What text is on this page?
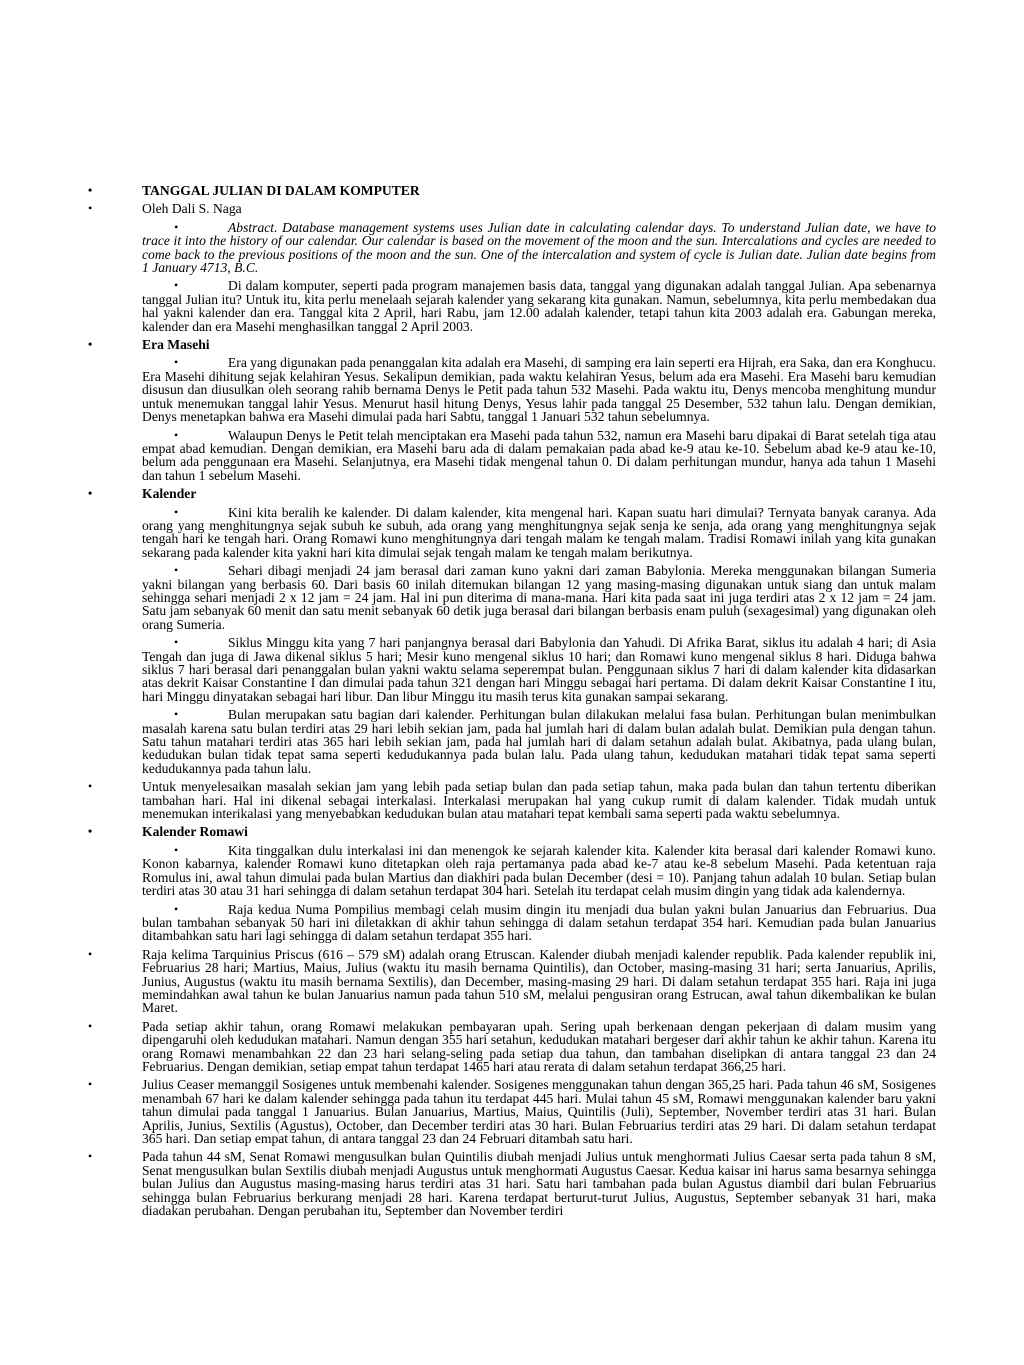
• TANGGAL JULIAN DI DALAM KOMPUTER

• Oleh Dali S. Naga

• Abstract. Database management systems uses Julian date in calculating calendar days. To understand Julian date, we have to trace it into the history of our calendar. Our calendar is based on the movement of the moon and the sun. Intercalations and cycles are needed to come back to the previous positions of the moon and the sun. One of the intercalation and system of cycle is Julian date. Julian date begins from 1 January 4713, B.C.

• Di dalam komputer, seperti pada program manajemen basis data, tanggal yang digunakan adalah tanggal Julian. Apa sebenarnya tanggal Julian itu? Untuk itu, kita perlu menelaah sejarah kalender yang sekarang kita gunakan. Namun, sebelumnya, kita perlu membedakan dua hal yakni kalender dan era. Tanggal kita 2 April, hari Rabu, jam 12.00 adalah kalender, tetapi tahun kita 2003 adalah era. Gabungan mereka, kalender dan era Masehi menghasilkan tanggal 2 April 2003.

• Era Masehi

• Era yang digunakan pada penanggalan kita adalah era Masehi, di samping era lain seperti era Hijrah, era Saka, dan era Konghucu. Era Masehi dihitung sejak kelahiran Yesus. Sekalipun demikian, pada waktu kelahiran Yesus, belum ada era Masehi. Era Masehi baru kemudian disusun dan diusulkan oleh seorang rahib bernama Denys le Petit pada tahun 532 Masehi. Pada waktu itu, Denys mencoba menghitung mundur untuk menemukan tanggal lahir Yesus. Menurut hasil hitung Denys, Yesus lahir pada tanggal 25 Desember, 532 tahun lalu. Dengan demikian, Denys menetapkan bahwa era Masehi dimulai pada hari Sabtu, tanggal 1 Januari 532 tahun sebelumnya.

• Walaupun Denys le Petit telah menciptakan era Masehi pada tahun 532, namun era Masehi baru dipakai di Barat setelah tiga atau empat abad kemudian. Dengan demikian, era Masehi baru ada di dalam pemakaian pada abad ke-9 atau ke-10. Sebelum abad ke-9 atau ke-10, belum ada penggunaan era Masehi. Selanjutnya, era Masehi tidak mengenal tahun 0. Di dalam perhitungan mundur, hanya ada tahun 1 Masehi dan tahun 1 sebelum Masehi.

• Kalender

• Kini kita beralih ke kalender. Di dalam kalender, kita mengenal hari. Kapan suatu hari dimulai? Ternyata banyak caranya. Ada orang yang menghitungnya sejak subuh ke subuh, ada orang yang menghitungnya sejak senja ke senja, ada orang yang menghitungnya sejak tengah hari ke tengah hari. Orang Romawi kuno menghitungnya dari tengah malam ke tengah malam. Tradisi Romawi inilah yang kita gunakan sekarang pada kalender kita yakni hari kita dimulai sejak tengah malam ke tengah malam berikutnya.

• Sehari dibagi menjadi 24 jam berasal dari zaman kuno yakni dari zaman Babylonia. Mereka menggunakan bilangan Sumeria yakni bilangan yang berbasis 60. Dari basis 60 inilah ditemukan bilangan 12 yang masing-masing digunakan untuk siang dan untuk malam sehingga sehari menjadi 2 x 12 jam = 24 jam. Hal ini pun diterima di mana-mana. Hari kita pada saat ini juga terdiri atas 2 x 12 jam = 24 jam. Satu jam sebanyak 60 menit dan satu menit sebanyak 60 detik juga berasal dari bilangan berbasis enam puluh (sexagesimal) yang digunakan oleh orang Sumeria.

• Siklus Minggu kita yang 7 hari panjangnya berasal dari Babylonia dan Yahudi. Di Afrika Barat, siklus itu adalah 4 hari; di Asia Tengah dan juga di Jawa dikenal siklus 5 hari; Mesir kuno mengenal siklus 10 hari; dan Romawi kuno mengenal siklus 8 hari. Diduga bahwa siklus 7 hari berasal dari penanggalan bulan yakni waktu selama seperempat bulan. Penggunaan siklus 7 hari di dalam kalender kita didasarkan atas dekrit Kaisar Constantine I dan dimulai pada tahun 321 dengan hari Minggu sebagai hari pertama. Di dalam dekrit Kaisar Constantine I itu, hari Minggu dinyatakan sebagai hari libur. Dan libur Minggu itu masih terus kita gunakan sampai sekarang.

• Bulan merupakan satu bagian dari kalender. Perhitungan bulan dilakukan melalui fasa bulan. Perhitungan bulan menimbulkan masalah karena satu bulan terdiri atas 29 hari lebih sekian jam, pada hal jumlah hari di dalam bulan adalah bulat. Demikian pula dengan tahun. Satu tahun matahari terdiri atas 365 hari lebih sekian jam, pada hal jumlah hari di dalam setahun adalah bulat. Akibatnya, pada ulang bulan, kedudukan bulan tidak tepat sama seperti kedudukannya pada bulan lalu. Pada ulang tahun, kedudukan matahari tidak tepat sama seperti kedudukannya pada tahun lalu.

• Untuk menyelesaikan masalah sekian jam yang lebih pada setiap bulan dan pada setiap tahun, maka pada bulan dan tahun tertentu diberikan tambahan hari. Hal ini dikenal sebagai interkalasi. Interkalasi merupakan hal yang cukup rumit di dalam kalender. Tidak mudah untuk menemukan interikalasi yang menyebabkan kedudukan bulan atau matahari tepat kembali sama seperti pada waktu sebelumnya.

• Kalender Romawi

• Kita tinggalkan dulu interkalasi ini dan menengok ke sejarah kalender kita. Kalender kita berasal dari kalender Romawi kuno. Konon kabarnya, kalender Romawi kuno ditetapkan oleh raja pertamanya pada abad ke-7 atau ke-8 sebelum Masehi. Pada ketentuan raja Romulus ini, awal tahun dimulai pada bulan Martius dan diakhiri pada bulan December (desi = 10). Panjang tahun adalah 10 bulan. Setiap bulan terdiri atas 30 atau 31 hari sehingga di dalam setahun terdapat 304 hari. Setelah itu terdapat celah musim dingin yang tidak ada kalendernya.

• Raja kedua Numa Pompilius membagi celah musim dingin itu menjadi dua bulan yakni bulan Januarius dan Februarius. Dua bulan tambahan sebanyak 50 hari ini diletakkan di akhir tahun sehingga di dalam setahun terdapat 354 hari. Kemudian pada bulan Januarius ditambahkan satu hari lagi sehingga di dalam setahun terdapat 355 hari.

• Raja kelima Tarquinius Priscus (616 – 579 sM) adalah orang Etruscan. Kalender diubah menjadi kalender republik. Pada kalender republik ini, Februarius 28 hari; Martius, Maius, Julius (waktu itu masih bernama Quintilis), dan October, masing-masing 31 hari; serta Januarius, Aprilis, Junius, Augustus (waktu itu masih bernama Sextilis), dan December, masing-masing 29 hari. Di dalam setahun terdapat 355 hari. Raja ini juga memindahkan awal tahun ke bulan Januarius namun pada tahun 510 sM, melalui pengusiran orang Estrucan, awal tahun dikembalikan ke bulan Maret.

• Pada setiap akhir tahun, orang Romawi melakukan pembayaran upah. Sering upah berkenaan dengan pekerjaan di dalam musim yang dipengaruhi oleh kedudukan matahari. Namun dengan 355 hari setahun, kedudukan matahari bergeser dari akhir tahun ke akhir tahun. Karena itu orang Romawi menambahkan 22 dan 23 hari selang-seling pada setiap dua tahun, dan tambahan diselipkan di antara tanggal 23 dan 24 Februarius. Dengan demikian, setiap empat tahun terdapat 1465 hari atau rerata di dalam setahun terdapat 366,25 hari.

• Julius Ceaser memanggil Sosigenes untuk membenahi kalender. Sosigenes menggunakan tahun dengan 365,25 hari. Pada tahun 46 sM, Sosigenes menambah 67 hari ke dalam kalender sehingga pada tahun itu terdapat 445 hari. Mulai tahun 45 sM, Romawi menggunakan kalender baru yakni tahun dimulai pada tanggal 1 Januarius. Bulan Januarius, Martius, Maius, Quintilis (Juli), September, November terdiri atas 31 hari. Bulan Aprilis, Junius, Sextilis (Agustus), October, dan December terdiri atas 30 hari. Bulan Februarius terdiri atas 29 hari. Di dalam setahun terdapat 365 hari. Dan setiap empat tahun, di antara tanggal 23 dan 24 Februari ditambah satu hari.

• Pada tahun 44 sM, Senat Romawi mengusulkan bulan Quintilis diubah menjadi Julius untuk menghormati Julius Caesar serta pada tahun 8 sM, Senat mengusulkan bulan Sextilis diubah menjadi Augustus untuk menghormati Augustus Caesar. Kedua kaisar ini harus sama besarnya sehingga bulan Julius dan Augustus masing-masing harus terdiri atas 31 hari. Satu hari tambahan pada bulan Agustus diambil dari bulan Februarius sehingga bulan Februarius berkurang menjadi 28 hari. Karena terdapat berturut-turut Julius, Augustus, September sebanyak 31 hari, maka diadakan perubahan. Dengan perubahan itu, September dan November terdiri
